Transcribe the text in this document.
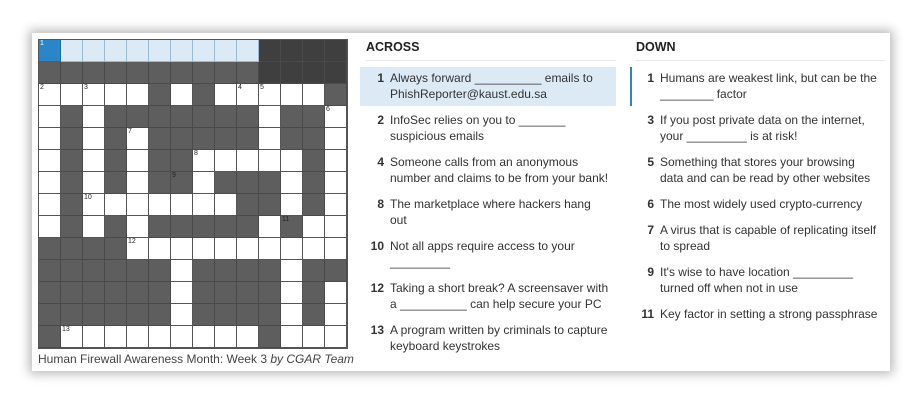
1
2	3	4	5
6
7
8
9
10
11
12
13
Human Firewall Awareness Month: Week 3 by CGAR Team
ACROSS
1 Always forward __________ emails to PhishReporter@kaust.edu.sa
2 InfoSec relies on you to _______ suspicious emails
4 Someone calls from an anonymous number and claims to be from your bank!
8 The marketplace where hackers hang out
10 Not all apps require access to your _________
12 Taking a short break? A screensaver with a __________ can help secure your PC
13 A program written by criminals to capture keyboard keystrokes
DOWN
1 Humans are weakest link, but can be the ________ factor
3 If you post private data on the internet, your _________ is at risk!
5 Something that stores your browsing data and can be read by other websites
6 The most widely used crypto-currency
7 A virus that is capable of replicating itself to spread
9 It's wise to have location _________ turned off when not in use
11 Key factor in setting a strong passphrase
